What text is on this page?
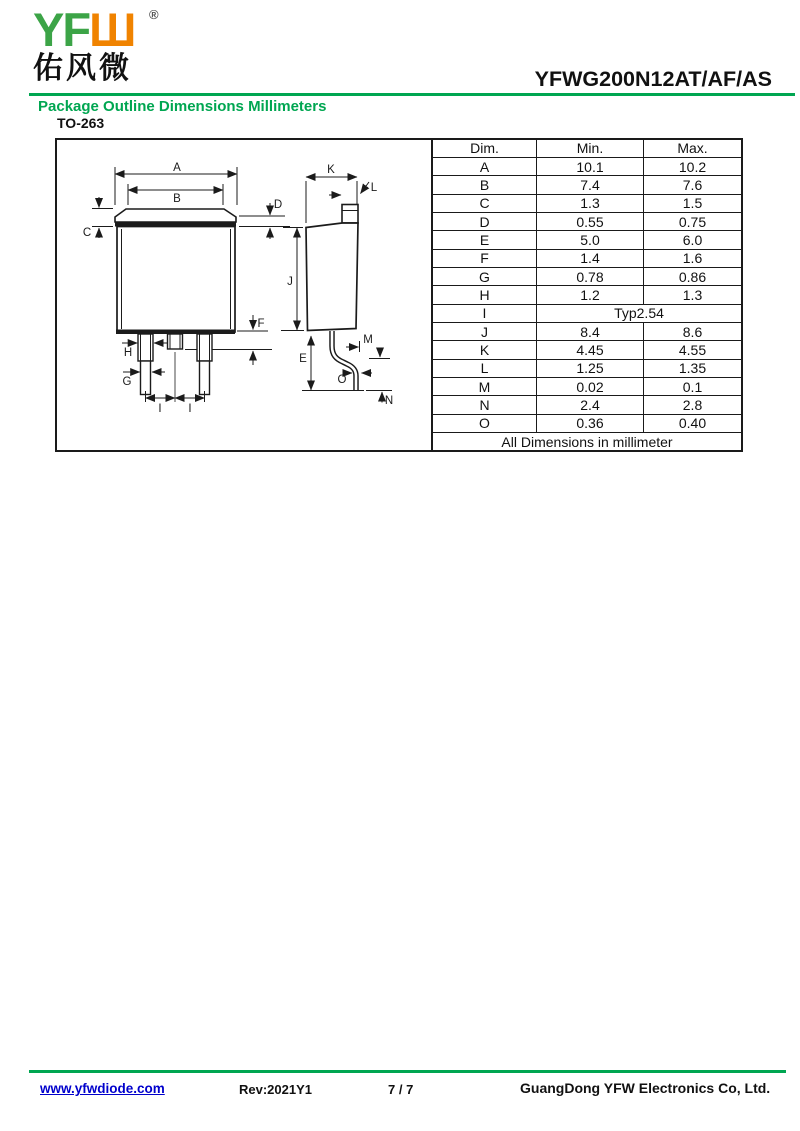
YFШ ®
佑风微	YFWG200N12AT/AF/AS
Package Outline Dimensions Millimeters
TO-263
A
B
C
D
F
H
G
I I
K
L
J
E
M
O
N
Dim.	Min.	Max.
A	10.1	10.2
B	7.4	7.6
C	1.3	1.5
D	0.55	0.75
E	5.0	6.0
F	1.4	1.6
G	0.78	0.86
H	1.2	1.3
I	Typ2.54	
J	8.4	8.6
K	4.45	4.55
L	1.25	1.35
M	0.02	0.1
N	2.4	2.8
O	0.36	0.40
All Dimensions in millimeter		
www.yfwdiode.com	Rev:2021Y1	7 / 7	GuangDong YFW Electronics Co, Ltd.
